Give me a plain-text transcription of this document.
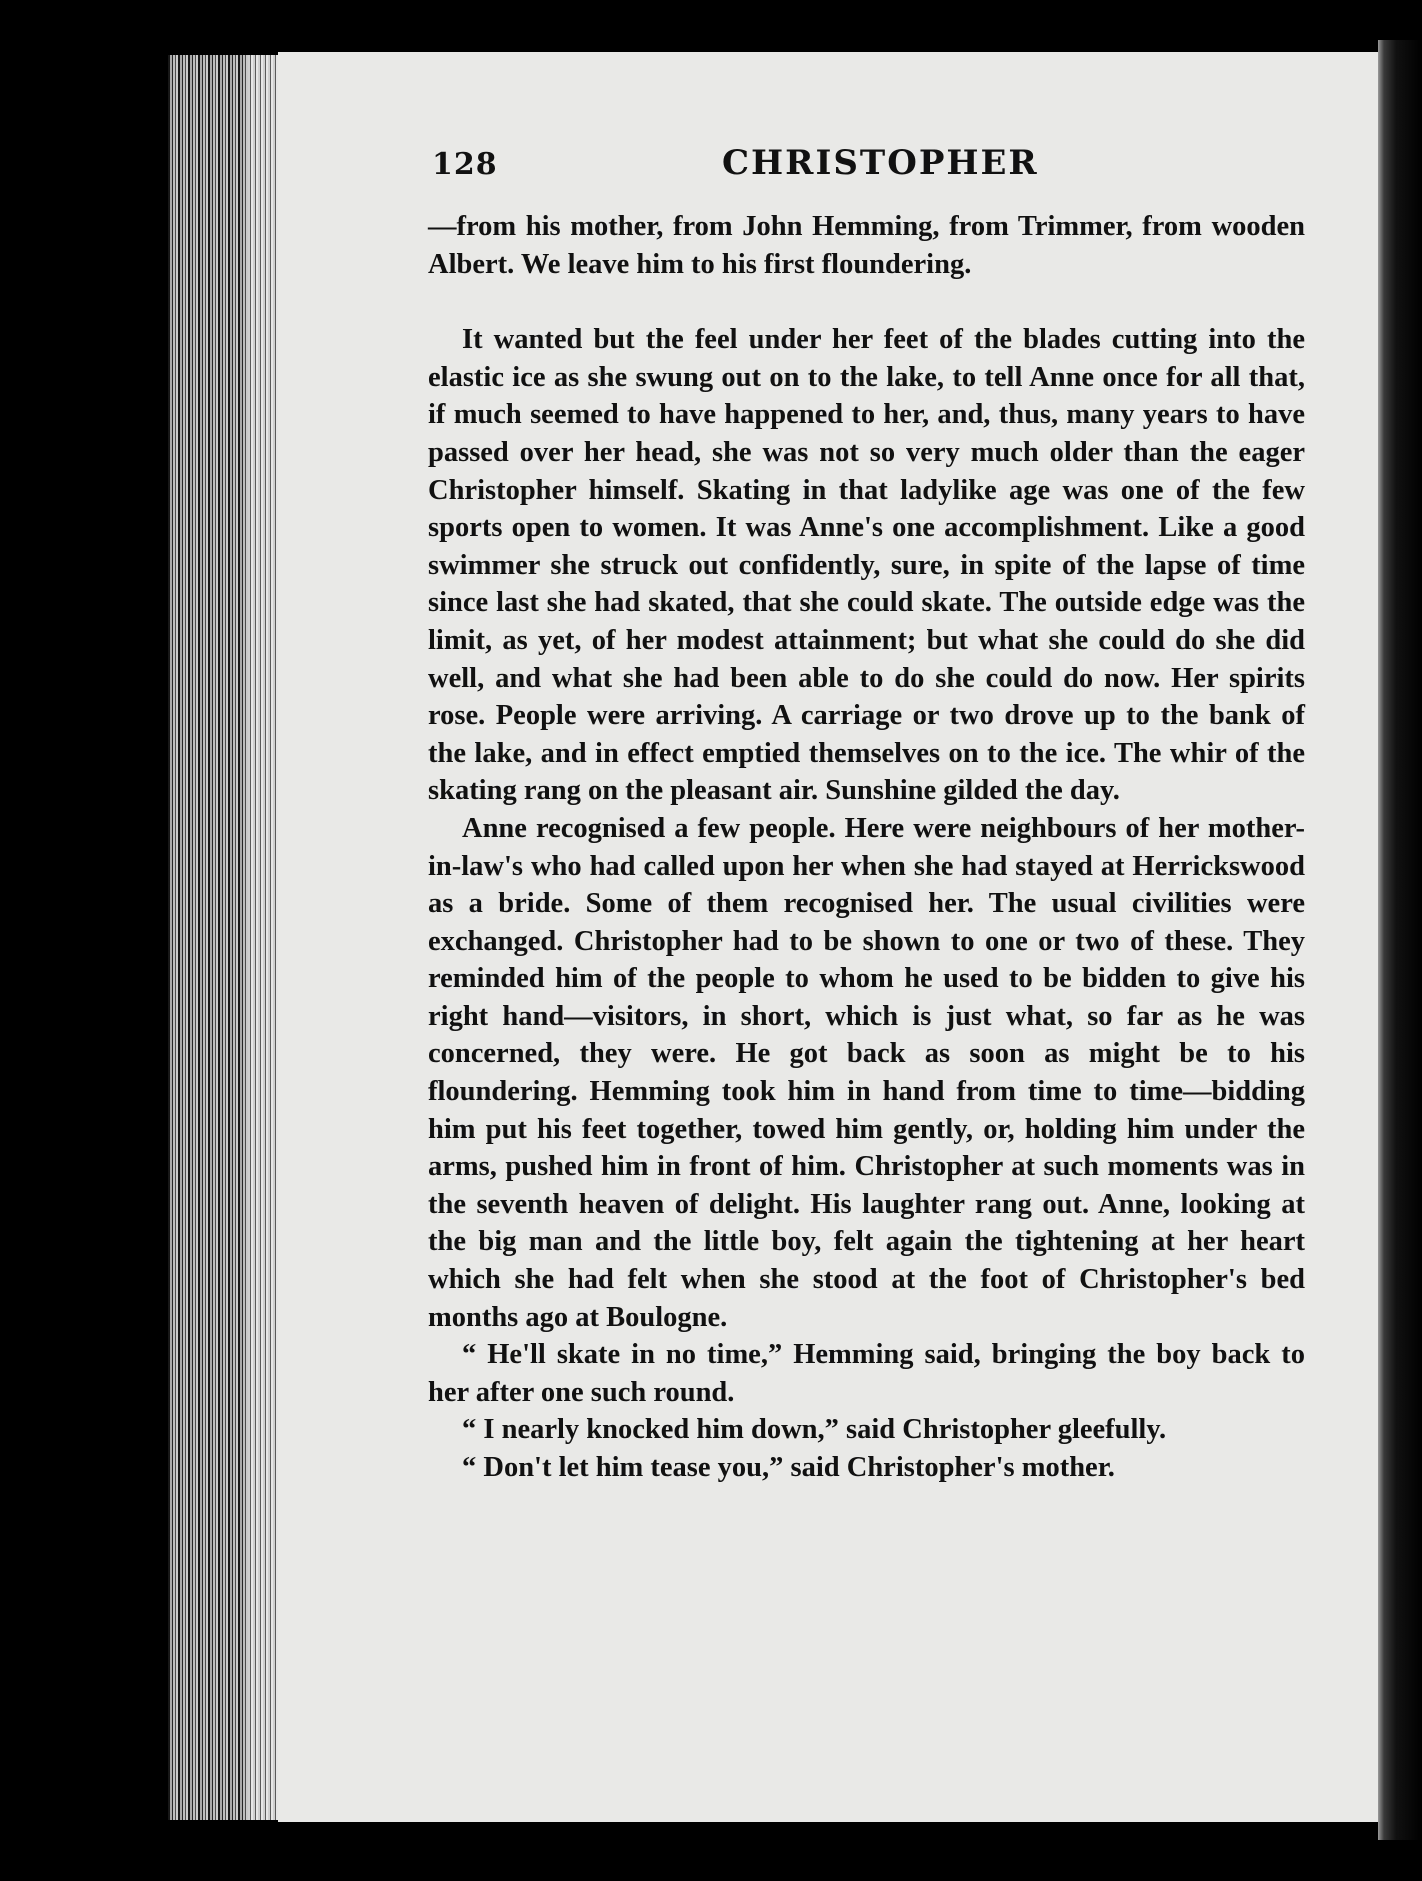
128	CHRISTOPHER

—from his mother, from John Hemming, from Trimmer, from wooden Albert. We leave him to his first floundering.

It wanted but the feel under her feet of the blades cutting into the elastic ice as she swung out on to the lake, to tell Anne once for all that, if much seemed to have happened to her, and, thus, many years to have passed over her head, she was not so very much older than the eager Christopher himself. Skating in that ladylike age was one of the few sports open to women. It was Anne's one accomplishment. Like a good swimmer she struck out confidently, sure, in spite of the lapse of time since last she had skated, that she could skate. The outside edge was the limit, as yet, of her modest attainment; but what she could do she did well, and what she had been able to do she could do now. Her spirits rose. People were arriving. A carriage or two drove up to the bank of the lake, and in effect emptied themselves on to the ice. The whir of the skating rang on the pleasant air. Sunshine gilded the day.

Anne recognised a few people. Here were neighbours of her mother-in-law's who had called upon her when she had stayed at Herrickswood as a bride. Some of them recognised her. The usual civilities were exchanged. Christopher had to be shown to one or two of these. They reminded him of the people to whom he used to be bidden to give his right hand—visitors, in short, which is just what, so far as he was concerned, they were. He got back as soon as might be to his floundering. Hemming took him in hand from time to time—bidding him put his feet together, towed him gently, or, holding him under the arms, pushed him in front of him. Christopher at such moments was in the seventh heaven of delight. His laughter rang out. Anne, looking at the big man and the little boy, felt again the tightening at her heart which she had felt when she stood at the foot of Christopher's bed months ago at Boulogne.

“ He'll skate in no time,” Hemming said, bringing the boy back to her after one such round.

“ I nearly knocked him down,” said Christopher gleefully.

“ Don't let him tease you,” said Christopher's mother.
